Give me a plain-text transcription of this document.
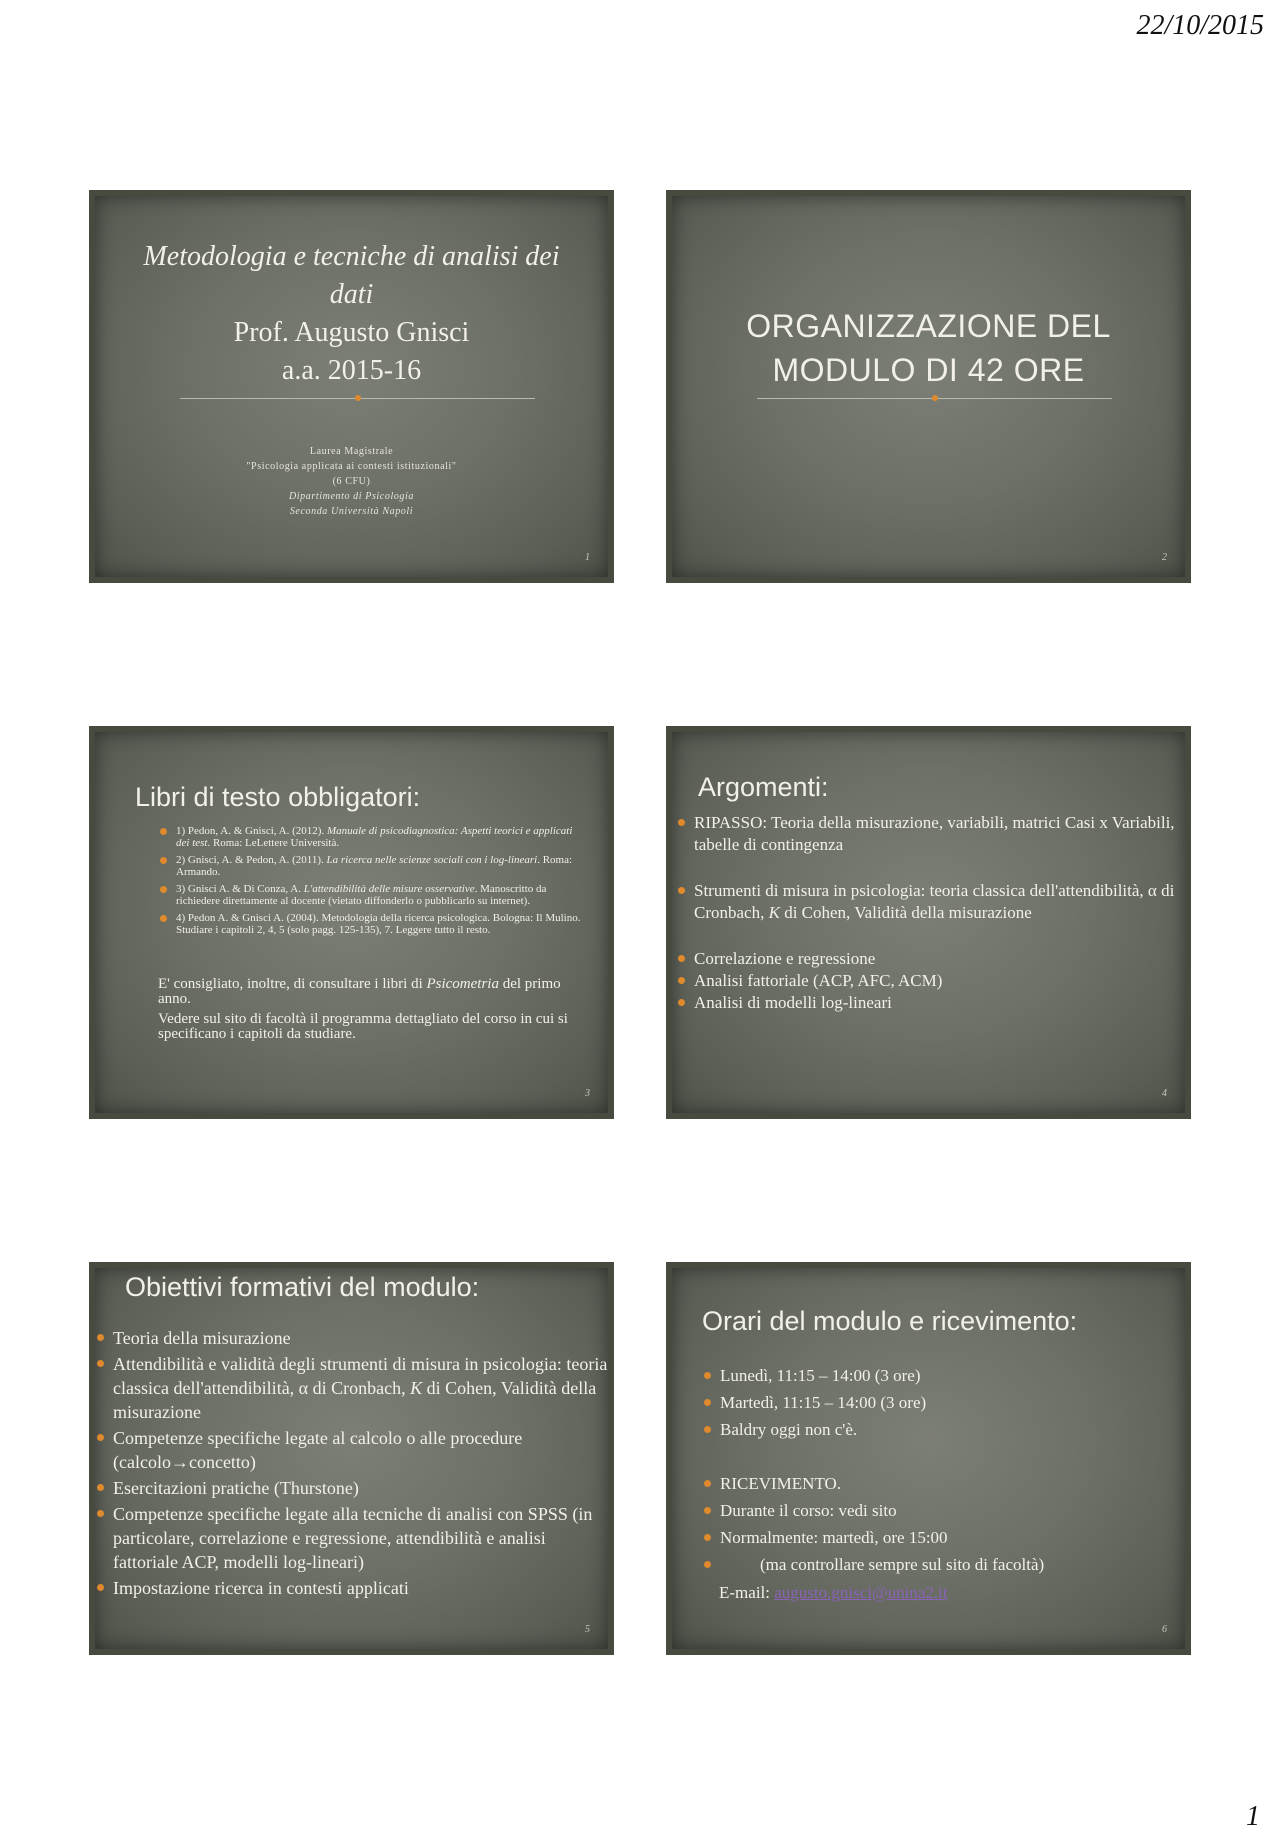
22/10/2015
Metodologia e tecniche di analisi dei
dati
Prof. Augusto Gnisci
a.a. 2015-16
Laurea Magistrale
"Psicologia applicata ai contesti istituzionali"
(6 CFU)
Dipartimento di Psicologia
Seconda Università Napoli
1
ORGANIZZAZIONE DEL
MODULO DI 42 ORE
2
Libri di testo obbligatori:
1) Pedon, A. & Gnisci, A. (2012). Manuale di psicodiagnostica: Aspetti teorici e applicati dei test. Roma: LeLettere Università.
2) Gnisci, A. & Pedon, A. (2011). La ricerca nelle scienze sociali con i log-lineari. Roma: Armando.
3) Gnisci A. & Di Conza, A. L'attendibilità delle misure osservative. Manoscritto da richiedere direttamente al docente (vietato diffonderlo o pubblicarlo su internet).
4) Pedon A. & Gnisci A. (2004). Metodologia della ricerca psicologica. Bologna: Il Mulino. Studiare i capitoli 2, 4, 5 (solo pagg. 125-135), 7. Leggere tutto il resto.
E' consigliato, inoltre, di consultare i libri di Psicometria del primo anno.
Vedere sul sito di facoltà il programma dettagliato del corso in cui si specificano i capitoli da studiare.
3
Argomenti:
RIPASSO: Teoria della misurazione, variabili, matrici Casi x Variabili, tabelle di contingenza
Strumenti di misura in psicologia: teoria classica dell'attendibilità, α di Cronbach, K di Cohen, Validità della misurazione
Correlazione e regressione
Analisi fattoriale (ACP, AFC, ACM)
Analisi di modelli log-lineari
4
Obiettivi formativi del modulo:
Teoria della misurazione
Attendibilità e validità degli strumenti di misura in psicologia: teoria classica dell'attendibilità, α di Cronbach, K di Cohen, Validità della misurazione
Competenze specifiche legate al calcolo o alle procedure (calcolo→concetto)
Esercitazioni pratiche (Thurstone)
Competenze specifiche legate alla tecniche di analisi con SPSS (in particolare, correlazione e regressione, attendibilità e analisi fattoriale ACP, modelli log-lineari)
Impostazione ricerca in contesti applicati
5
Orari del modulo e ricevimento:
Lunedì, 11:15 – 14:00 (3 ore)
Martedì, 11:15 – 14:00 (3 ore)
Baldry oggi non c'è.
RICEVIMENTO.
Durante il corso: vedi sito
Normalmente: martedì, ore 15:00
(ma controllare sempre sul sito di facoltà)
E-mail: augusto.gnisci@unina2.it
6
1
